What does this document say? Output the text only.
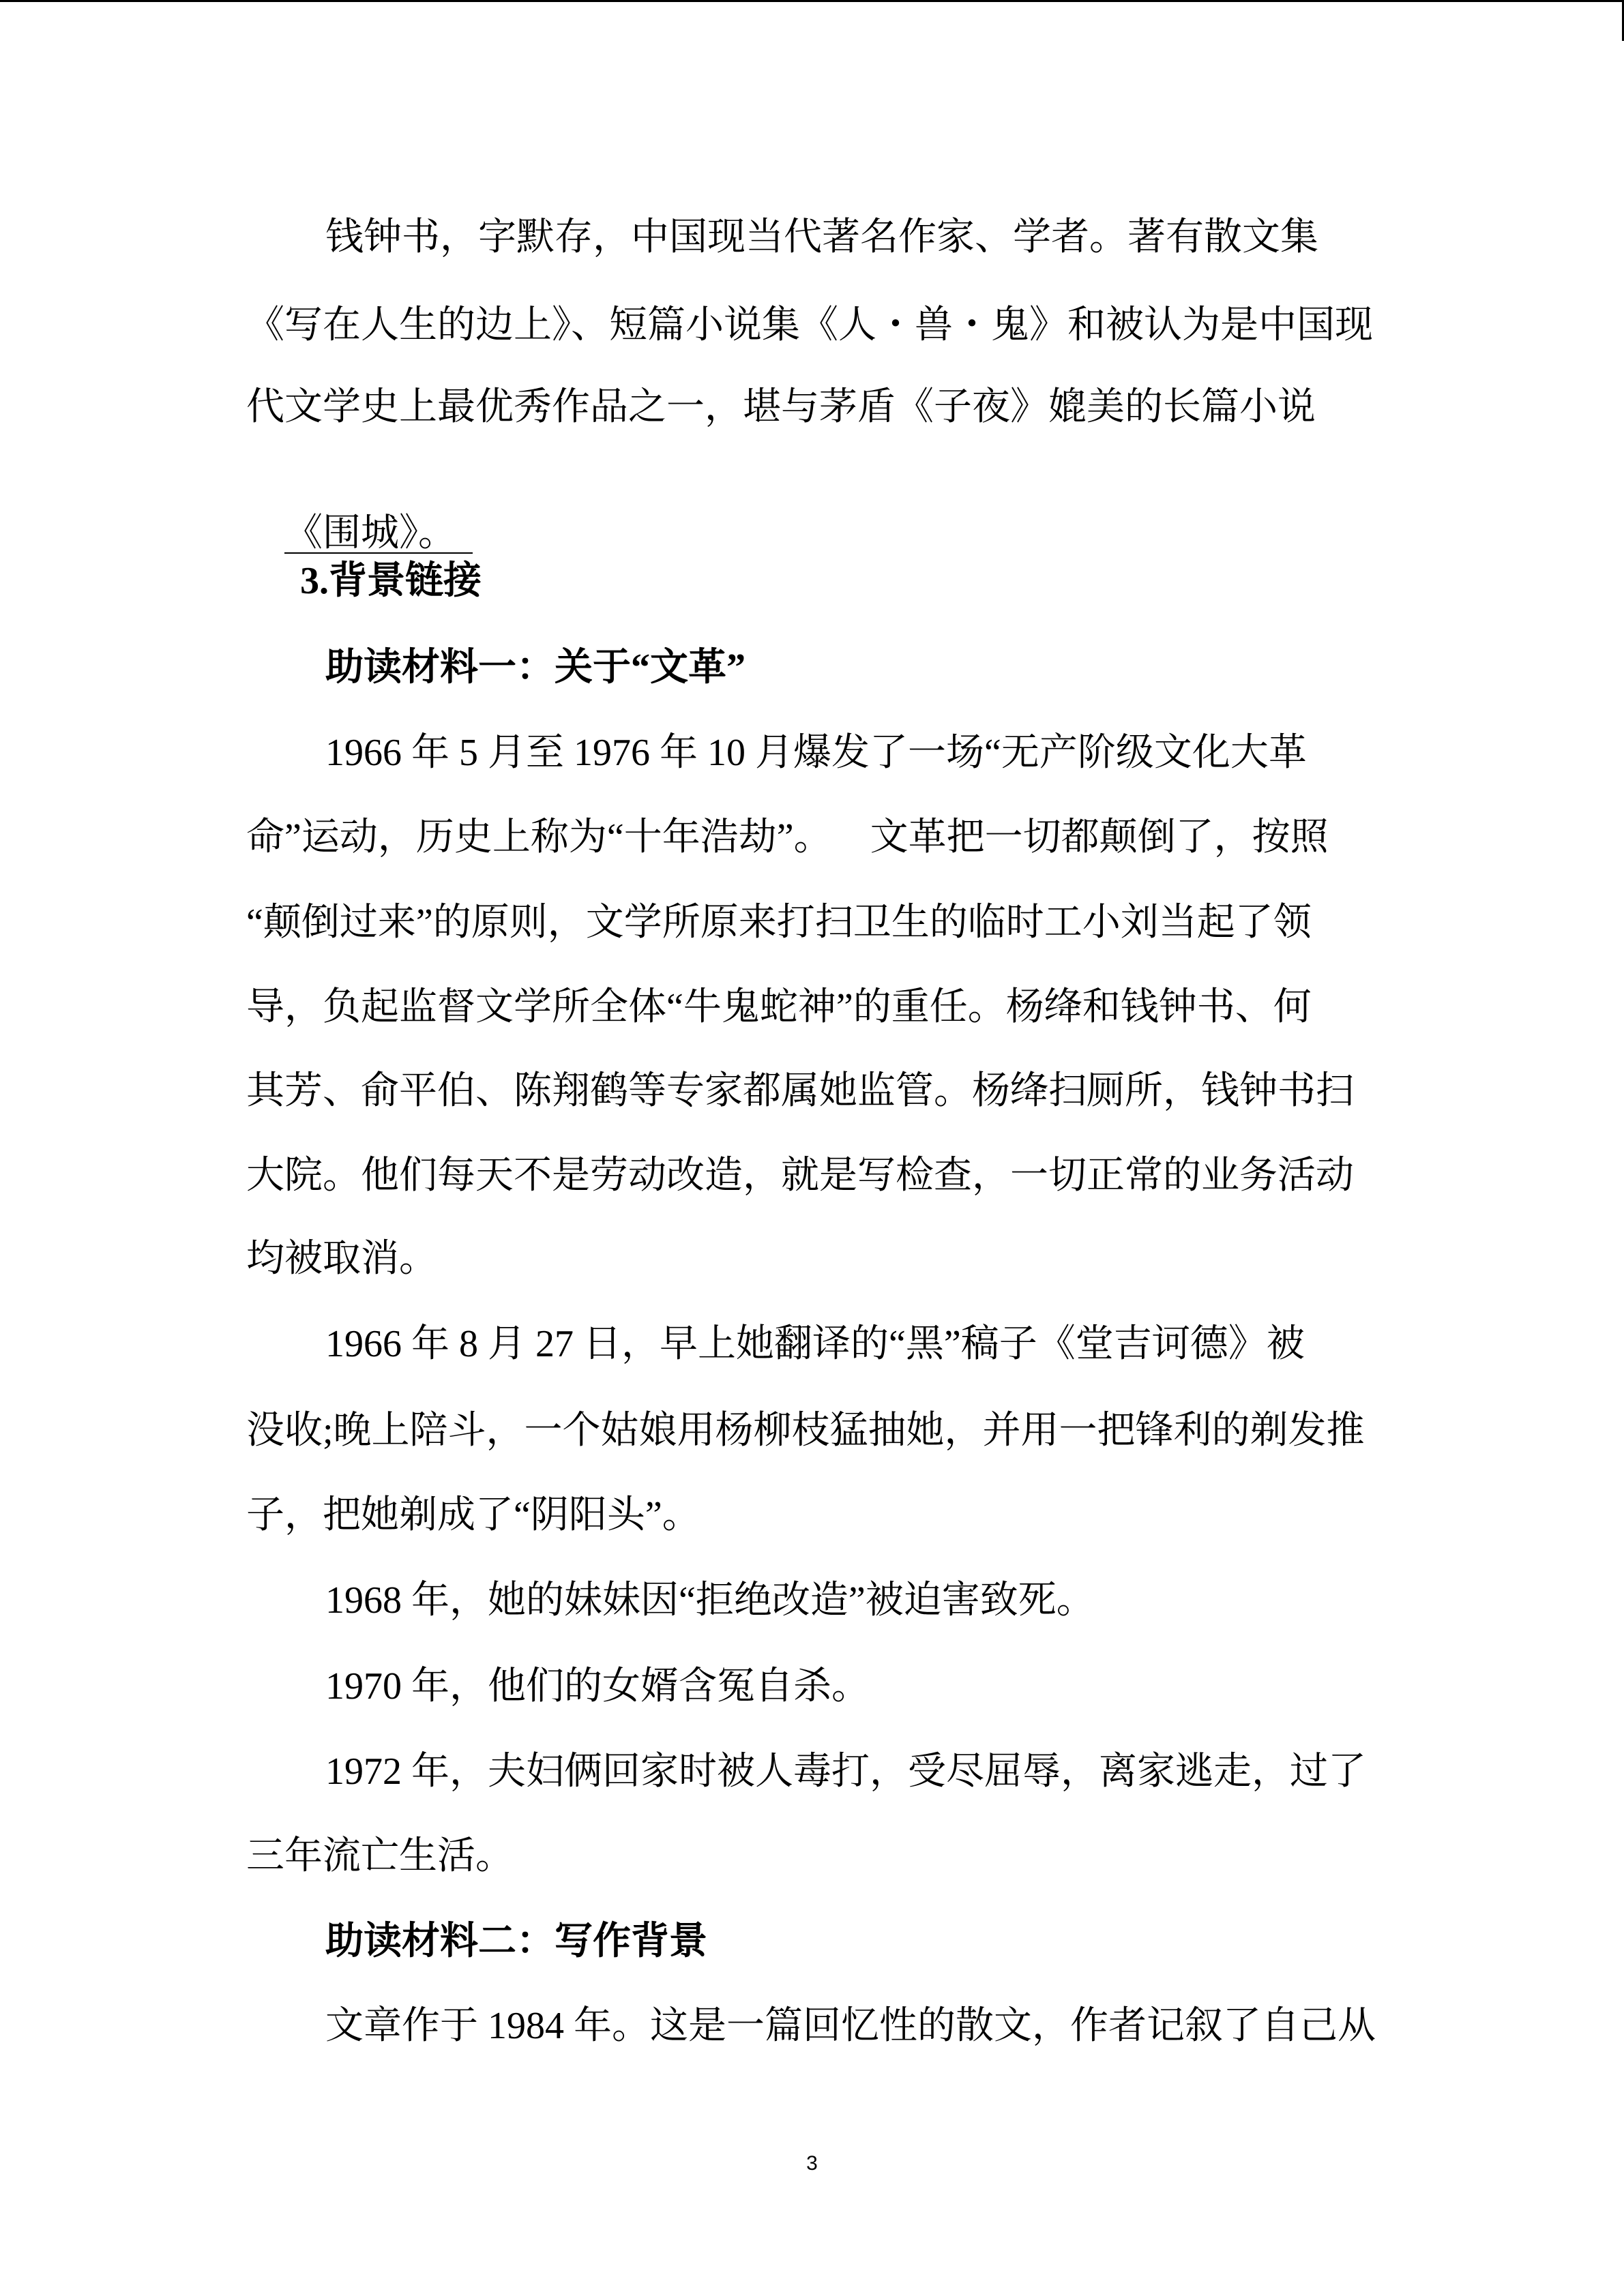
钱钟书，字默存，中国现当代著名作家、学者。著有散文集
《写在人生的边上》、短篇小说集《人・兽・鬼》和被认为是中国现
代文学史上最优秀作品之一，堪与茅盾《子夜》媲美的长篇小说

《围城》。

3.背景链接
助读材料一：关于“文革”
1966 年 5 月至 1976 年 10 月爆发了一场“无产阶级文化大革
命”运动，历史上称为“十年浩劫”。    文革把一切都颠倒了，按照
“颠倒过来”的原则，文学所原来打扫卫生的临时工小刘当起了领
导，负起监督文学所全体“牛鬼蛇神”的重任。杨绛和钱钟书、何
其芳、俞平伯、陈翔鹤等专家都属她监管。杨绛扫厕所，钱钟书扫
大院。他们每天不是劳动改造，就是写检查，一切正常的业务活动
均被取消。
1966 年 8 月 27 日，早上她翻译的“黑”稿子《堂吉诃德》被
没收;晚上陪斗，一个姑娘用杨柳枝猛抽她，并用一把锋利的剃发推
子，把她剃成了“阴阳头”。
1968 年，她的妹妹因“拒绝改造”被迫害致死。
1970 年，他们的女婿含冤自杀。
1972 年，夫妇俩回家时被人毒打，受尽屈辱，离家逃走，过了
三年流亡生活。
助读材料二：写作背景
文章作于 1984 年。这是一篇回忆性的散文，作者记叙了自己从
3
